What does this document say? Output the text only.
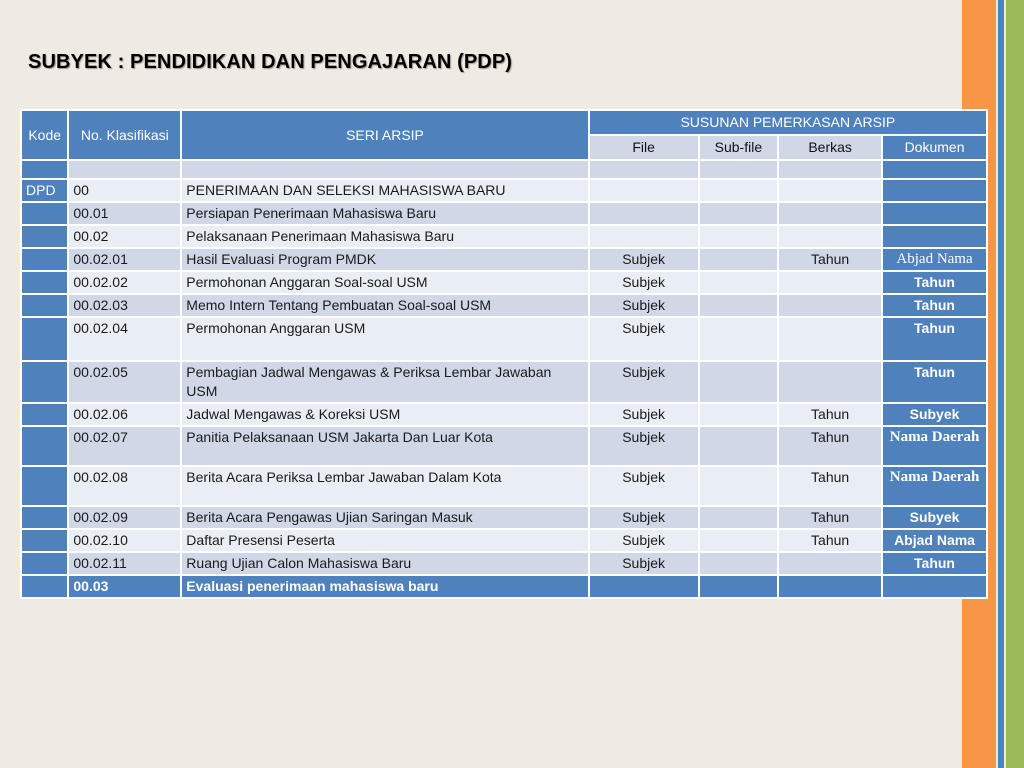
SUBYEK : PENDIDIKAN DAN PENGAJARAN (PDP)
Kode	No. Klasifikasi	SERI ARSIP	SUSUNAN PEMERKASAN ARSIP			
			File	Sub-file	Berkas	Dokumen

DPD	00	PENERIMAAN DAN SELEKSI MAHASISWA BARU				
	00.01	Persiapan Penerimaan Mahasiswa Baru				
	00.02	Pelaksanaan Penerimaan Mahasiswa Baru				
	00.02.01	Hasil Evaluasi Program PMDK	Subjek		Tahun	Abjad Nama
	00.02.02	Permohonan Anggaran Soal-soal USM	Subjek			Tahun
	00.02.03	Memo Intern Tentang Pembuatan Soal-soal USM	Subjek			Tahun
	00.02.04	Permohonan Anggaran USM	Subjek			Tahun
	00.02.05	Pembagian Jadwal Mengawas & Periksa Lembar Jawaban USM	Subjek			Tahun
	00.02.06	Jadwal Mengawas & Koreksi USM	Subjek		Tahun	Subyek
	00.02.07	Panitia Pelaksanaan USM Jakarta Dan Luar Kota	Subjek		Tahun	Nama Daerah
	00.02.08	Berita Acara Periksa Lembar Jawaban Dalam Kota	Subjek		Tahun	Nama Daerah
	00.02.09	Berita Acara Pengawas Ujian Saringan Masuk	Subjek		Tahun	Subyek
	00.02.10	Daftar Presensi Peserta	Subjek		Tahun	Abjad Nama
	00.02.11	Ruang Ujian Calon Mahasiswa Baru	Subjek			Tahun
	00.03	Evaluasi penerimaan mahasiswa baru				
